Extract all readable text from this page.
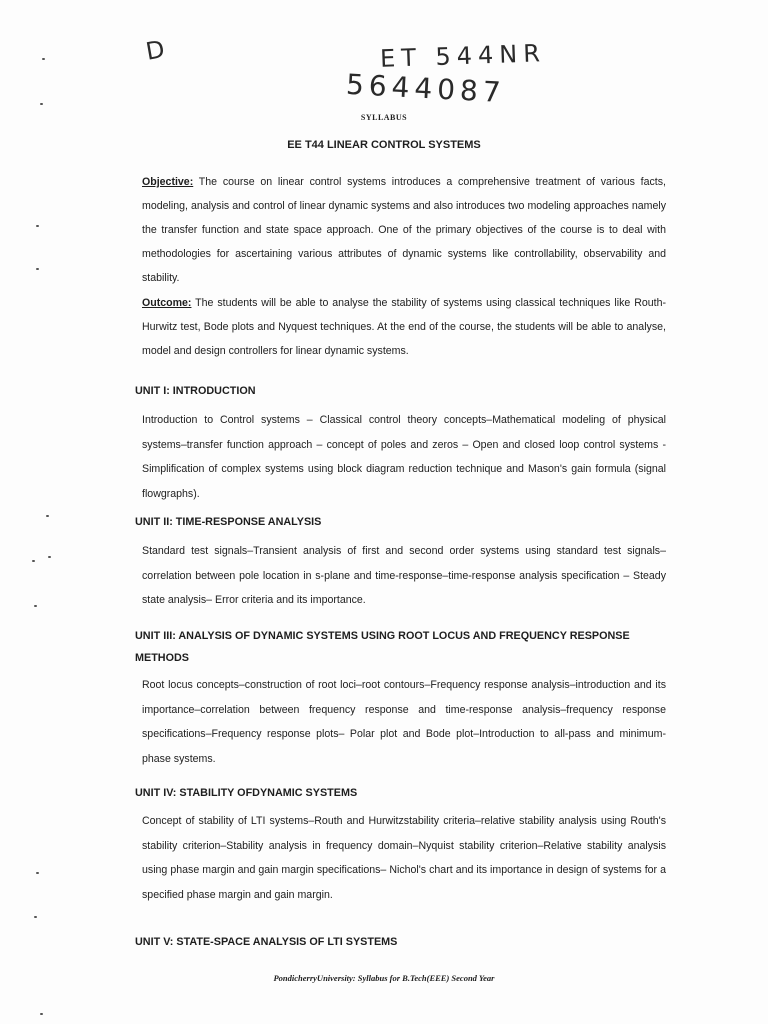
D	ET 544NR
5644087
SYLLABUS
EE T44 LINEAR CONTROL SYSTEMS

Objective: The course on linear control systems introduces a comprehensive treatment of various facts, modeling, analysis and control of linear dynamic systems and also introduces two modeling approaches namely the transfer function and state space approach. One of the primary objectives of the course is to deal with methodologies for ascertaining various attributes of dynamic systems like controllability, observability and stability.

Outcome: The students will be able to analyse the stability of systems using classical techniques like Routh-Hurwitz test, Bode plots and Nyquest techniques. At the end of the course, the students will be able to analyse, model and design controllers for linear dynamic systems.

UNIT I: INTRODUCTION

Introduction to Control systems – Classical control theory concepts–Mathematical modeling of physical systems–transfer function approach – concept of poles and zeros – Open and closed loop control systems - Simplification of complex systems using block diagram reduction technique and Mason's gain formula (signal flowgraphs).

UNIT II: TIME-RESPONSE ANALYSIS

Standard test signals–Transient analysis of first and second order systems using standard test signals–correlation between pole location in s-plane and time-response–time-response analysis specification – Steady state analysis– Error criteria and its importance.

UNIT III: ANALYSIS OF DYNAMIC SYSTEMS USING ROOT LOCUS AND FREQUENCY RESPONSE METHODS

Root locus concepts–construction of root loci–root contours–Frequency response analysis–introduction and its importance–correlation between frequency response and time-response analysis–frequency response specifications–Frequency response plots– Polar plot and Bode plot–Introduction to all-pass and minimum-phase systems.

UNIT IV: STABILITY OFDYNAMIC SYSTEMS

Concept of stability of LTI systems–Routh and Hurwitzstability criteria–relative stability analysis using Routh's stability criterion–Stability analysis in frequency domain–Nyquist stability criterion–Relative stability analysis using phase margin and gain margin specifications– Nichol's chart and its importance in design of systems for a specified phase margin and gain margin.

UNIT V: STATE-SPACE ANALYSIS OF LTI SYSTEMS
PondicherryUniversity: Syllabus for B.Tech(EEE) Second Year
